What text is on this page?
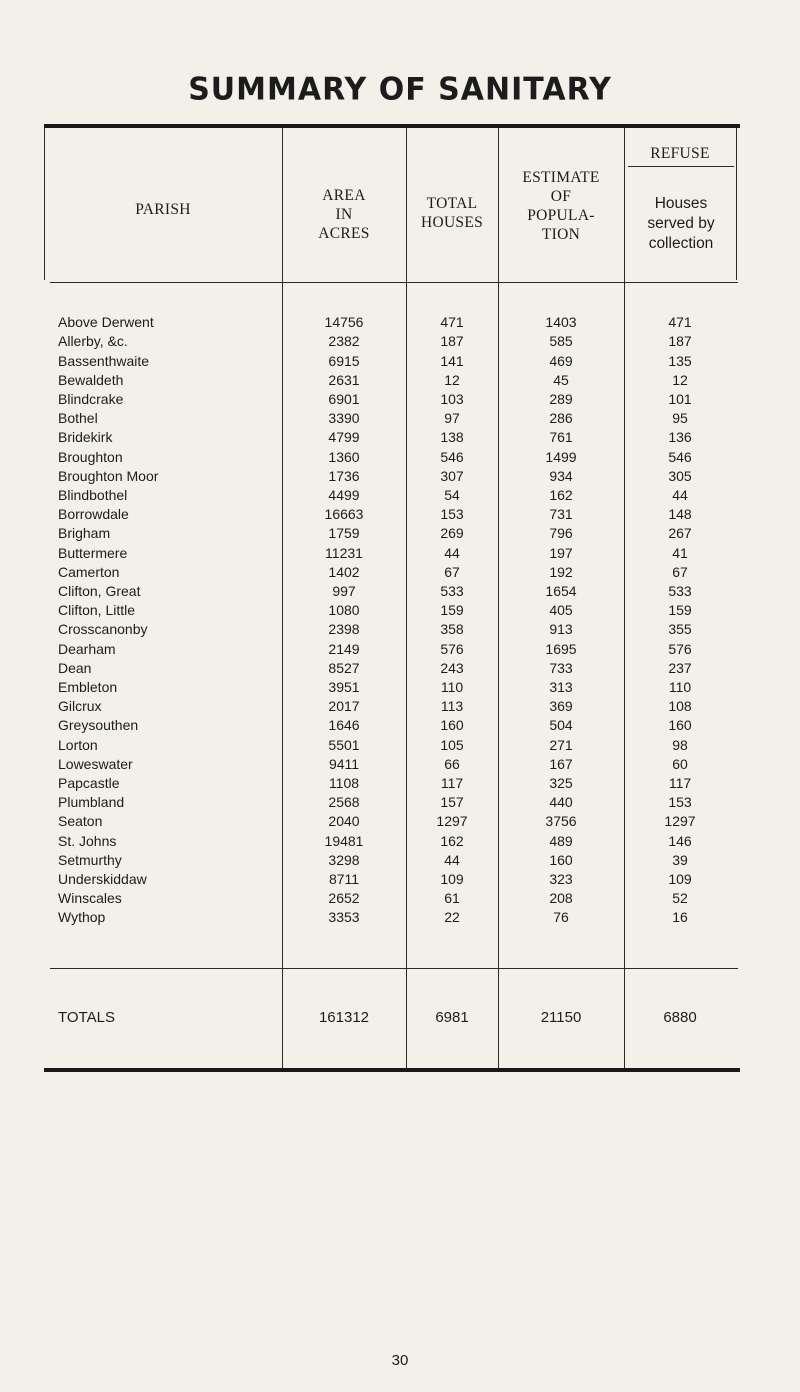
SUMMARY OF SANITARY
PARISH
AREA
IN
ACRES
TOTAL
HOUSES
ESTIMATE
OF
POPULA-
TION
REFUSE
Houses
served by
collection
Above Derwent	14756	471	1403	471
Allerby, &c.	2382	187	585	187
Bassenthwaite	6915	141	469	135
Bewaldeth	2631	12	45	12
Blindcrake	6901	103	289	101
Bothel	3390	97	286	95
Bridekirk	4799	138	761	136
Broughton	1360	546	1499	546
Broughton Moor	1736	307	934	305
Blindbothel	4499	54	162	44
Borrowdale	16663	153	731	148
Brigham	1759	269	796	267
Buttermere	11231	44	197	41
Camerton	1402	67	192	67
Clifton, Great	997	533	1654	533
Clifton, Little	1080	159	405	159
Crosscanonby	2398	358	913	355
Dearham	2149	576	1695	576
Dean	8527	243	733	237
Embleton	3951	110	313	110
Gilcrux	2017	113	369	108
Greysouthen	1646	160	504	160
Lorton	5501	105	271	98
Loweswater	9411	66	167	60
Papcastle	1108	117	325	117
Plumbland	2568	157	440	153
Seaton	2040	1297	3756	1297
St. Johns	19481	162	489	146
Setmurthy	3298	44	160	39
Underskiddaw	8711	109	323	109
Winscales	2652	61	208	52
Wythop	3353	22	76	16
TOTALS	161312	6981	21150	6880
30
